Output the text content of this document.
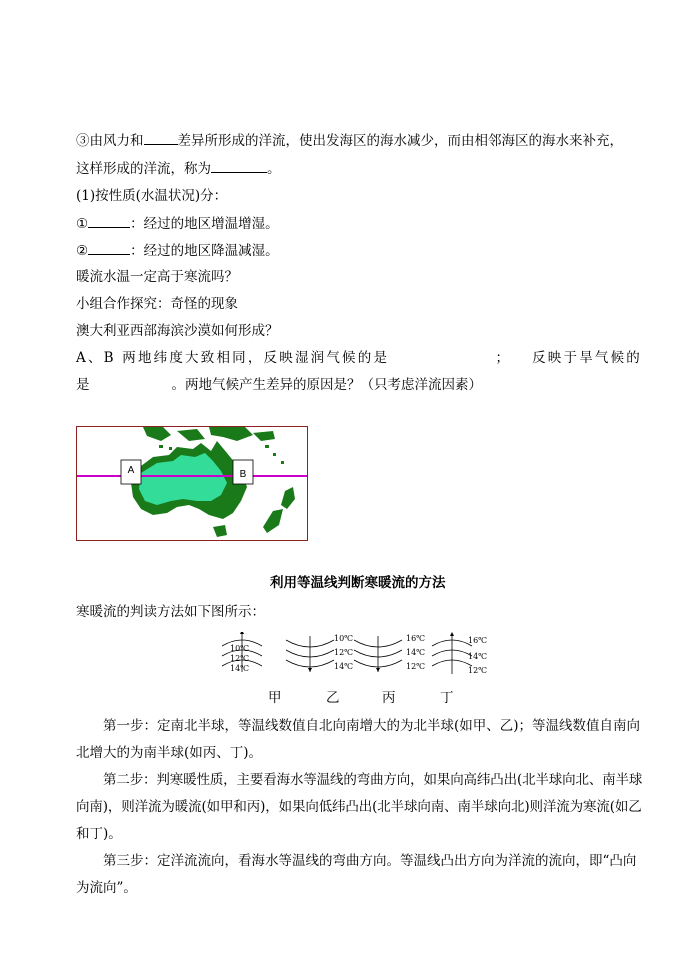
③由风力和	差异所形成的洋流，使出发海区的海水减少，而由相邻海区的海水来补充，
这样形成的洋流，称为	。
(1)按性质(水温状况)分：
①	：经过的地区增温增湿。
②	：经过的地区降温减湿。
暖流水温一定高于寒流吗？
小组合作探究：奇怪的现象
澳大利亚西部海滨沙漠如何形成？
A、B 两地纬度大致相同，反映湿润气候的是	； 反映于旱气候的
是	。两地气候产生差异的原因是？（只考虑洋流因素）
A	B
利用等温线判断寒暖流的方法
寒暖流的判读方法如下图所示：
10℃
12℃
14℃
10℃
12℃
14℃
16℃
14℃
12℃
16℃
14℃
12℃
甲	乙	丙	丁
第一步：定南北半球，等温线数值自北向南增大的为北半球(如甲、乙)；等温线数值自南向
北增大的为南半球(如丙、丁)。
第二步：判寒暖性质，主要看海水等温线的弯曲方向，如果向高纬凸出(北半球向北、南半球
向南)，则洋流为暖流(如甲和丙)，如果向低纬凸出(北半球向南、南半球向北)则洋流为寒流(如乙
和丁)。
第三步：定洋流流向，看海水等温线的弯曲方向。等温线凸出方向为洋流的流向，即“凸向
为流向”。
